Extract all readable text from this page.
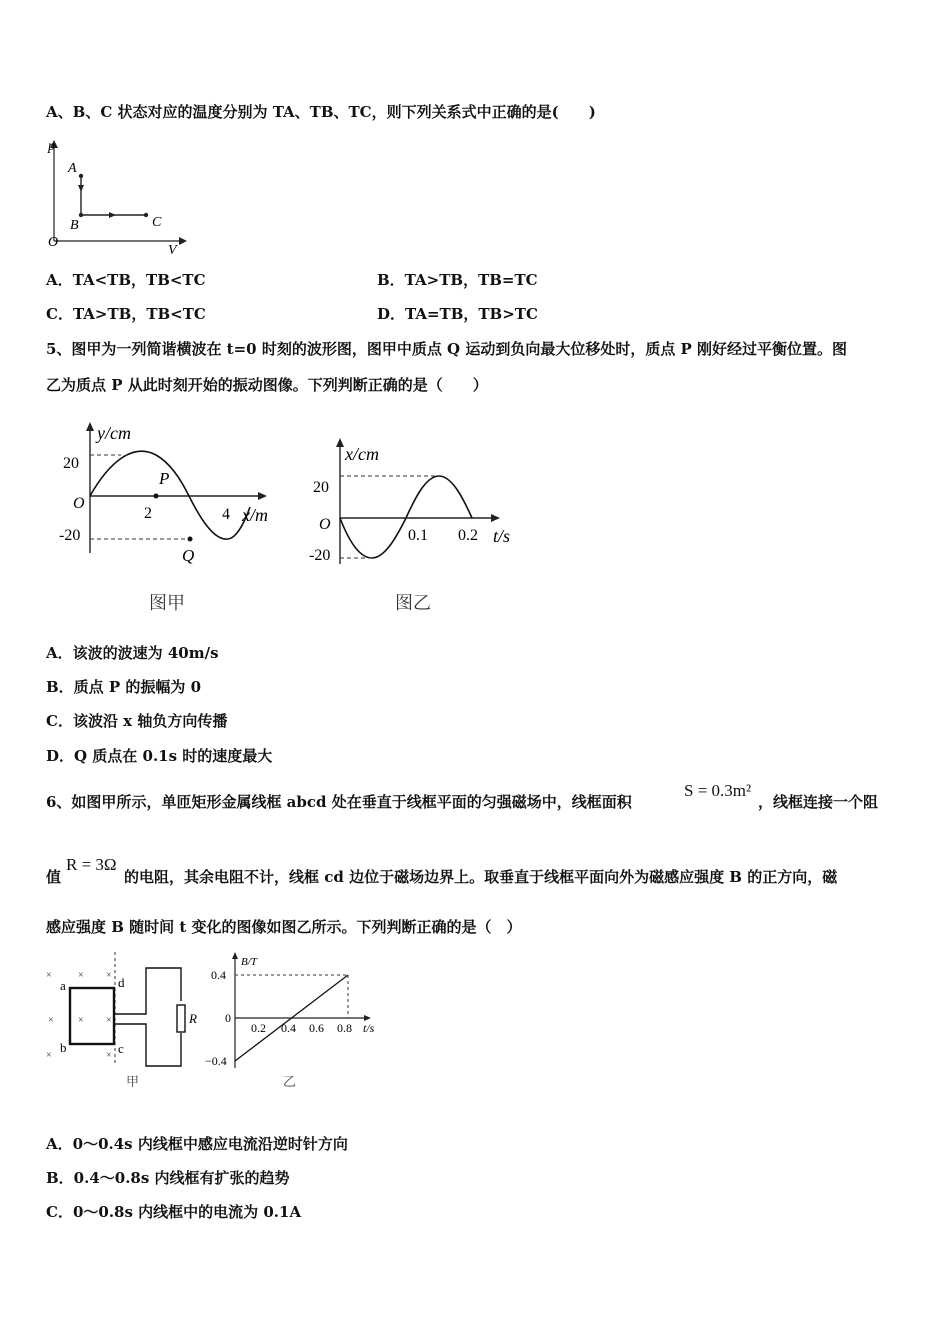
A、B、C 状态对应的温度分别为 TA、TB、TC，则下列关系式中正确的是(　　)
p
V
O
A
B	C
A．TA<TB，TB<TC	B．TA>TB，TB=TC
C．TA>TB，TB<TC	D．TA=TB，TB>TC
5、图甲为一列简谐横波在 t=0 时刻的波形图，图甲中质点 Q 运动到负向最大位移处时，质点 P 刚好经过平衡位置。图
乙为质点 P 从此时刻开始的振动图像。下列判断正确的是（　　）
y/cm
20
O
-20
2	4 x/m
P
Q
图甲
x/cm
20
O
-20
0.1 0.2 t/s
图乙
A．该波的波速为 40m/s
B．质点 P 的振幅为 0
C．该波沿 x 轴负方向传播
D．Q 质点在 0.1s 时的速度最大
6、如图甲所示，单匝矩形金属线框 abcd 处在垂直于线框平面的匀强磁场中，线框面积
S = 0.3m²
，线框连接一个阻
值
R = 3Ω
的电阻，其余电阻不计，线框 cd 边位于磁场边界上。取垂直于线框平面向外为磁感应强度 B 的正方向，磁
感应强度 B 随时间 t 变化的图像如图乙所示。下列判断正确的是（　）
×	× ×
× × ×
×	×
a	d
b	c
R
甲
B/T
0.4
0
−0.4
0.2 0.4 0.6 0.8 t/s
乙
A．0～0.4s 内线框中感应电流沿逆时针方向
B．0.4～0.8s 内线框有扩张的趋势
C．0～0.8s 内线框中的电流为 0.1A
